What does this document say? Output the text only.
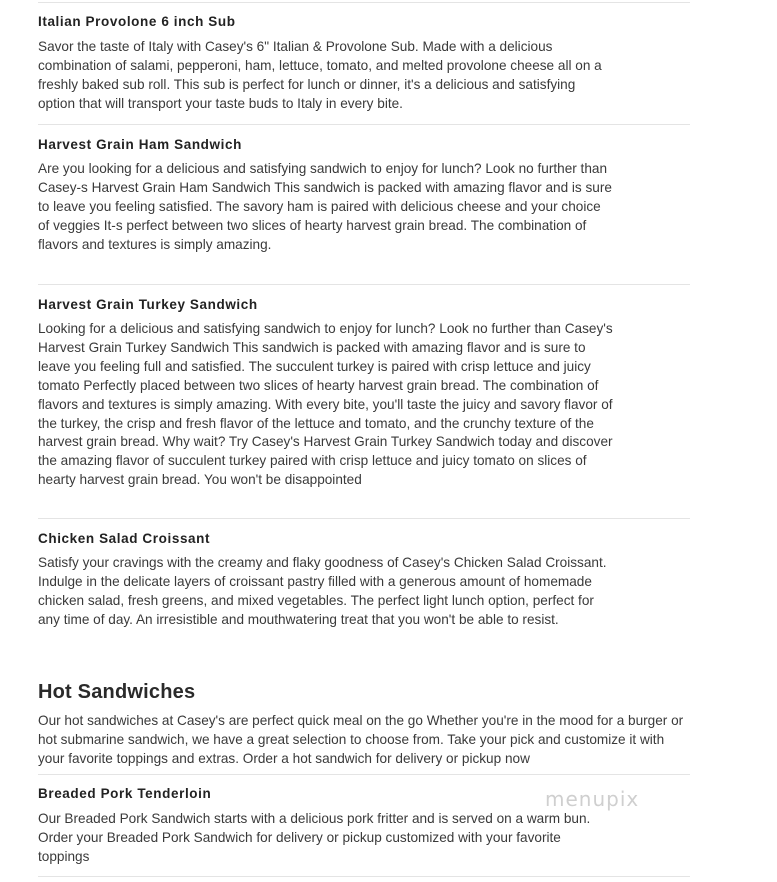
Italian Provolone 6 inch Sub
Savor the taste of Italy with Casey's 6" Italian & Provolone Sub. Made with a delicious combination of salami, pepperoni, ham, lettuce, tomato, and melted provolone cheese all on a freshly baked sub roll. This sub is perfect for lunch or dinner, it's a delicious and satisfying option that will transport your taste buds to Italy in every bite.
Harvest Grain Ham Sandwich
Are you looking for a delicious and satisfying sandwich to enjoy for lunch? Look no further than Casey-s Harvest Grain Ham Sandwich This sandwich is packed with amazing flavor and is sure to leave you feeling satisfied. The savory ham is paired with delicious cheese and your choice of veggies It-s perfect between two slices of hearty harvest grain bread. The combination of flavors and textures is simply amazing.
Harvest Grain Turkey Sandwich
Looking for a delicious and satisfying sandwich to enjoy for lunch? Look no further than Casey's Harvest Grain Turkey Sandwich This sandwich is packed with amazing flavor and is sure to leave you feeling full and satisfied. The succulent turkey is paired with crisp lettuce and juicy tomato Perfectly placed between two slices of hearty harvest grain bread. The combination of flavors and textures is simply amazing. With every bite, you'll taste the juicy and savory flavor of the turkey, the crisp and fresh flavor of the lettuce and tomato, and the crunchy texture of the harvest grain bread. Why wait? Try Casey's Harvest Grain Turkey Sandwich today and discover the amazing flavor of succulent turkey paired with crisp lettuce and juicy tomato on slices of hearty harvest grain bread. You won't be disappointed
Chicken Salad Croissant
Satisfy your cravings with the creamy and flaky goodness of Casey's Chicken Salad Croissant. Indulge in the delicate layers of croissant pastry filled with a generous amount of homemade chicken salad, fresh greens, and mixed vegetables. The perfect light lunch option, perfect for any time of day. An irresistible and mouthwatering treat that you won't be able to resist.
Hot Sandwiches
Our hot sandwiches at Casey's are perfect quick meal on the go Whether you're in the mood for a burger or hot submarine sandwich, we have a great selection to choose from. Take your pick and customize it with your favorite toppings and extras. Order a hot sandwich for delivery or pickup now
Breaded Pork Tenderloin
Our Breaded Pork Sandwich starts with a delicious pork fritter and is served on a warm bun. Order your Breaded Pork Sandwich for delivery or pickup customized with your favorite toppings
menupix
